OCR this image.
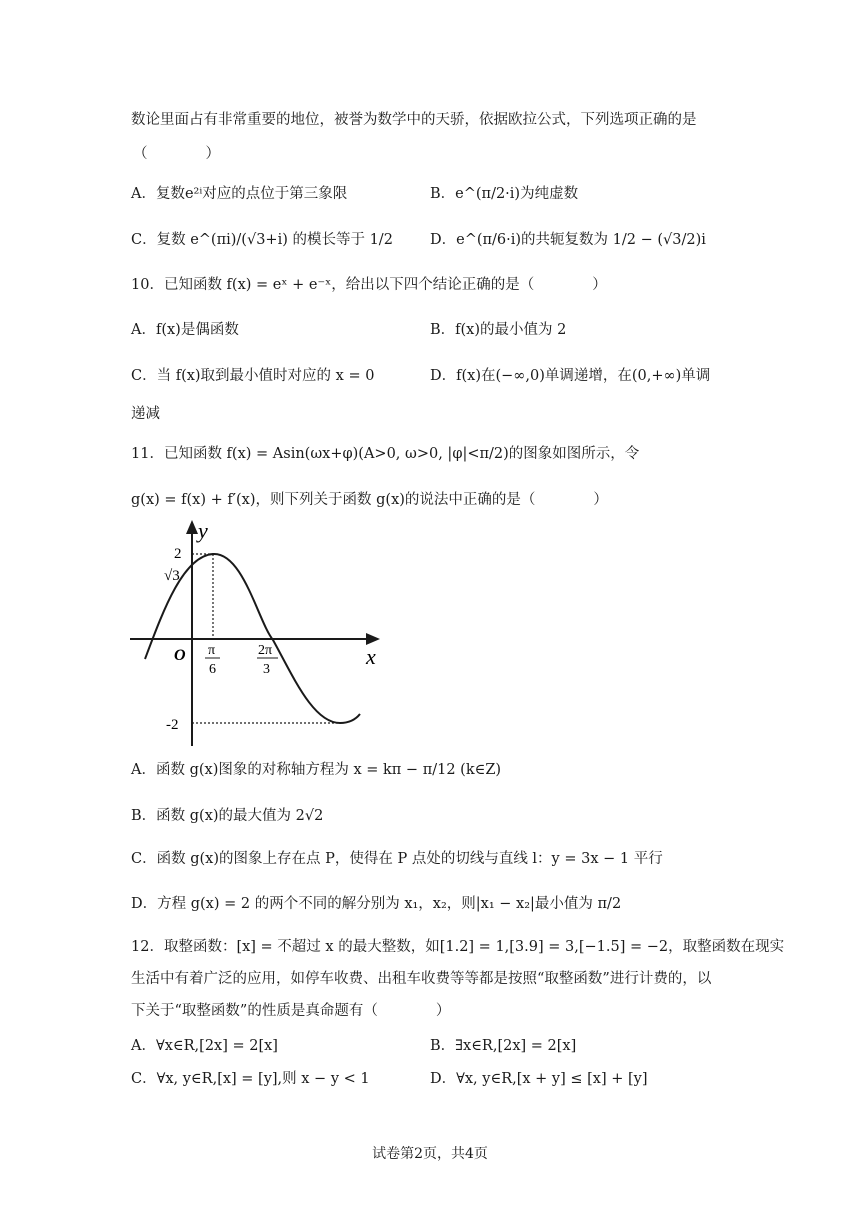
数论里面占有非常重要的地位，被誉为数学中的天骄，依据欧拉公式，下列选项正确的是
（　　　　）
A．复数e²ⁱ对应的点位于第三象限	B．e^(π/2·i)为纯虚数
C．复数 e^(πi)/(√3+i) 的模长等于 1/2	D．e^(π/6·i)的共轭复数为 1/2 − (√3/2)i
10．已知函数 f(x) = eˣ + e⁻ˣ，给出以下四个结论正确的是（　　　　）
A．f(x)是偶函数	B．f(x)的最小值为 2
C．当 f(x)取到最小值时对应的 x = 0	D．f(x)在(−∞,0)单调递增，在(0,+∞)单调
递减
11．已知函数 f(x) = Asin(ωx+φ)(A>0, ω>0, |φ|<π/2)的图象如图所示，令
g(x) = f(x) + f′(x)，则下列关于函数 g(x)的说法中正确的是（　　　　）
y
x
O
2
√3
-2
π
6
2π
3
A．函数 g(x)图象的对称轴方程为 x = kπ − π/12 (k∈Z)
B．函数 g(x)的最大值为 2√2
C．函数 g(x)的图象上存在点 P，使得在 P 点处的切线与直线 l：y = 3x − 1 平行
D．方程 g(x) = 2 的两个不同的解分别为 x₁，x₂，则|x₁ − x₂|最小值为 π/2
12．取整函数：[x] = 不超过 x 的最大整数，如[1.2] = 1,[3.9] = 3,[−1.5] = −2，取整函数在现实
生活中有着广泛的应用，如停车收费、出租车收费等等都是按照“取整函数”进行计费的，以
下关于“取整函数”的性质是真命题有（　　　　）
A．∀x∈R,[2x] = 2[x]	B．∃x∈R,[2x] = 2[x]
C．∀x, y∈R,[x] = [y],则 x − y < 1	D．∀x, y∈R,[x + y] ≤ [x] + [y]
试卷第2页，共4页
